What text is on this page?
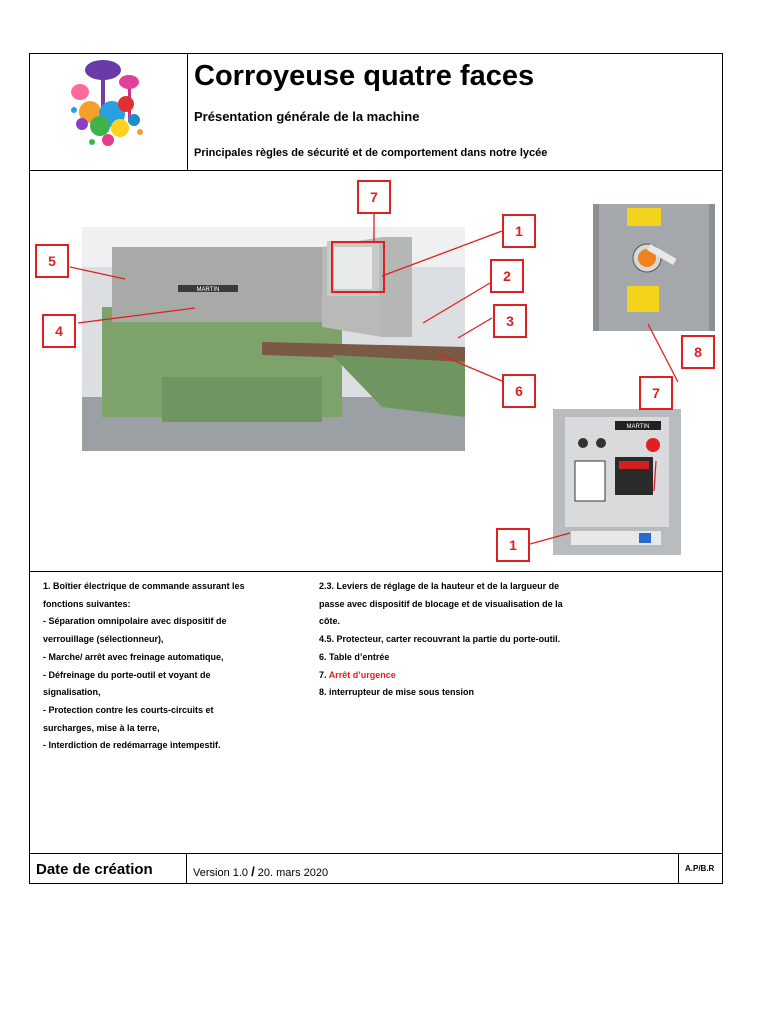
Corroyeuse quatre faces
Présentation générale de la machine
Principales règles de sécurité et de comportement dans notre lycée
MARTIN
MARTIN
7
1
5
2
3
4
6
8
7
1
1. Boîtier électrique de commande assurant les
fonctions suivantes:
- Séparation omnipolaire avec dispositif de
verrouillage (sélectionneur),
- Marche/ arrêt avec freinage automatique,
- Défreinage du porte-outil et voyant de
signalisation,
- Protection contre les courts-circuits et
surcharges, mise à la terre,
- Interdiction de redémarrage intempestif.
2.3. Leviers de réglage de la hauteur et de la largueur de
passe avec dispositif de blocage et de visualisation de la
côte.
4.5. Protecteur, carter recouvrant la partie du porte-outil.
6. Table d’entrée
7. Arrêt d’urgence
8. interrupteur de mise sous tension
Date de création	Version 1.0 / 20. mars 2020	A.P/B.R
